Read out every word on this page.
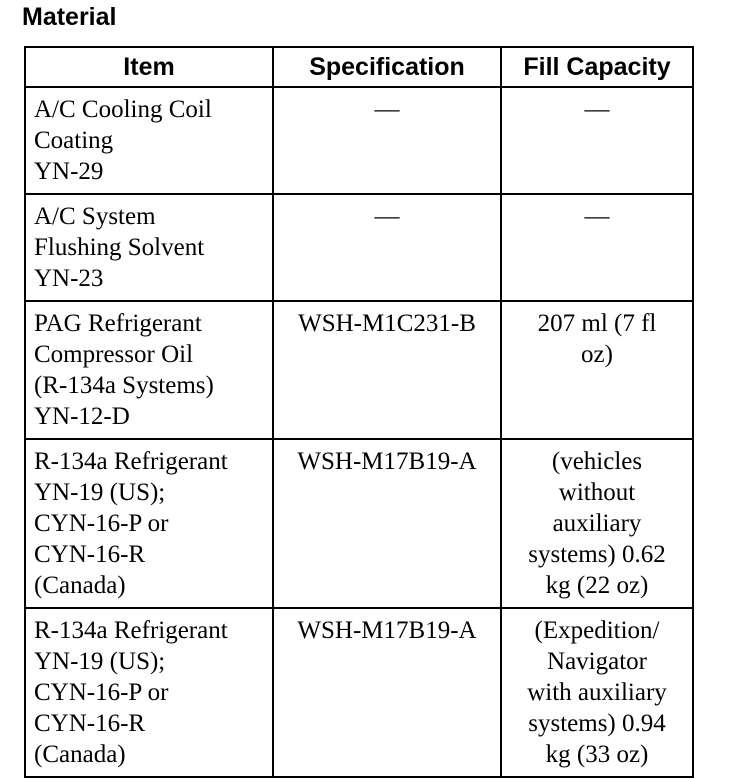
Material
Item	Specification	Fill Capacity

A/C Cooling Coil
Coating
YN-29	—	—

A/C System
Flushing Solvent
YN-23	—	—

PAG Refrigerant
Compressor Oil
(R-134a Systems)
YN-12-D	WSH-M1C231-B	207 ml (7 fl
oz)

R-134a Refrigerant
YN-19 (US);
CYN-16-P or
CYN-16-R
(Canada)	WSH-M17B19-A	(vehicles
without
auxiliary
systems) 0.62
kg (22 oz)

R-134a Refrigerant
YN-19 (US);
CYN-16-P or
CYN-16-R
(Canada)	WSH-M17B19-A	(Expedition/
Navigator
with auxiliary
systems) 0.94
kg (33 oz)
